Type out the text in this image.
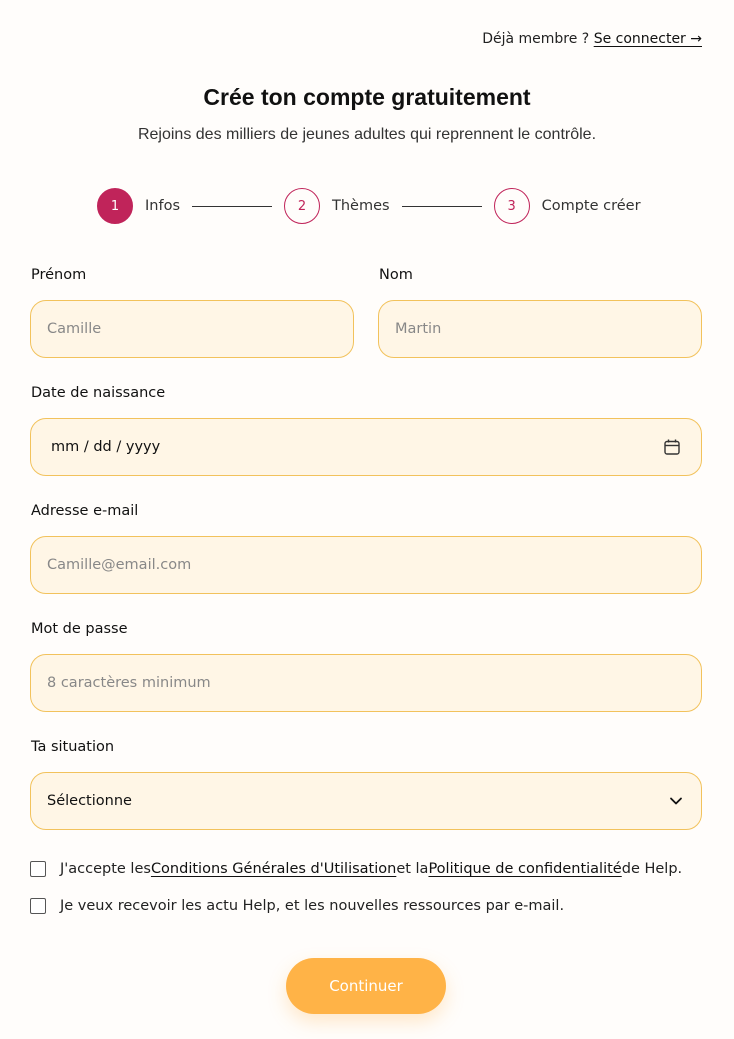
Déjà membre ? Se connecter →
Crée ton compte gratuitement

Rejoins des milliers de jeunes adultes qui reprennent le contrôle.

1	Infos	2	Thèmes	3	Compte créer
Prénom
Camille
Nom
Martin
Date de naissance
mm / dd / yyyy
Adresse e-mail
Camille@email.com
Mot de passe
8 caractères minimum
Ta situation
Sélectionne
J'accepte les Conditions Générales d'Utilisation et la Politique de confidentialité de Help.
Je veux recevoir les actu Help, et les nouvelles ressources par e-mail.
Continuer
